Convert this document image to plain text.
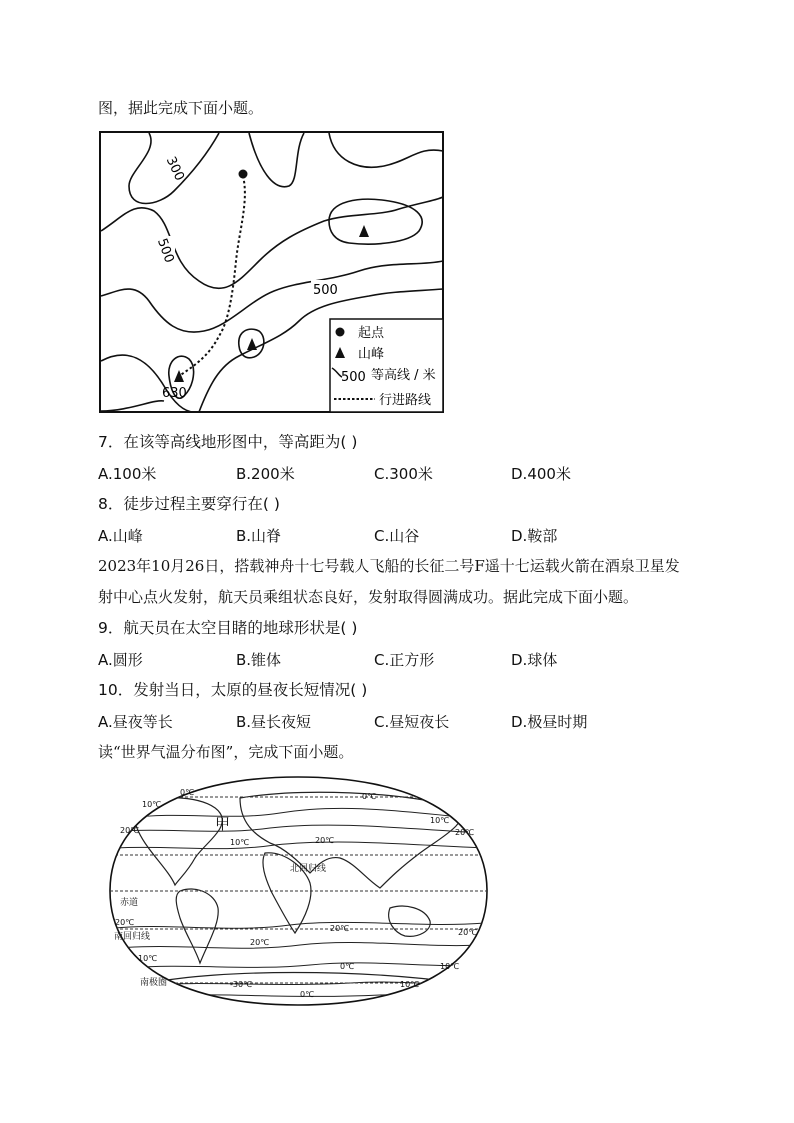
图，据此完成下面小题。
300
500
500
630
起点
山峰
500 等高线 / 米
行进路线
7．在该等高线地形图中，等高距为( )
A.100米	B.200米	C.300米	D.400米
8．徒步过程主要穿行在( )
A.山峰	B.山脊	C.山谷	D.鞍部
2023年10月26日，搭载神舟十七号载人飞船的长征二号F遥十七运载火箭在酒泉卫星发
射中心点火发射，航天员乘组状态良好，发射取得圆满成功。据此完成下面小题。
9．航天员在太空目睹的地球形状是( )
A.圆形	B.锥体	C.正方形	D.球体
10．发射当日，太原的昼夜长短情况( )
A.昼夜等长	B.昼长夜短	C.昼短夜长	D.极昼时期
读“世界气温分布图”，完成下面小题。
10℃
0℃
20℃
0℃
10℃
20℃
甲
10℃	20℃
北回归线
赤道
20℃
南回归线
20℃	20℃
20℃
10℃
0℃	10℃
南极圈	-30℃
0℃
10℃
